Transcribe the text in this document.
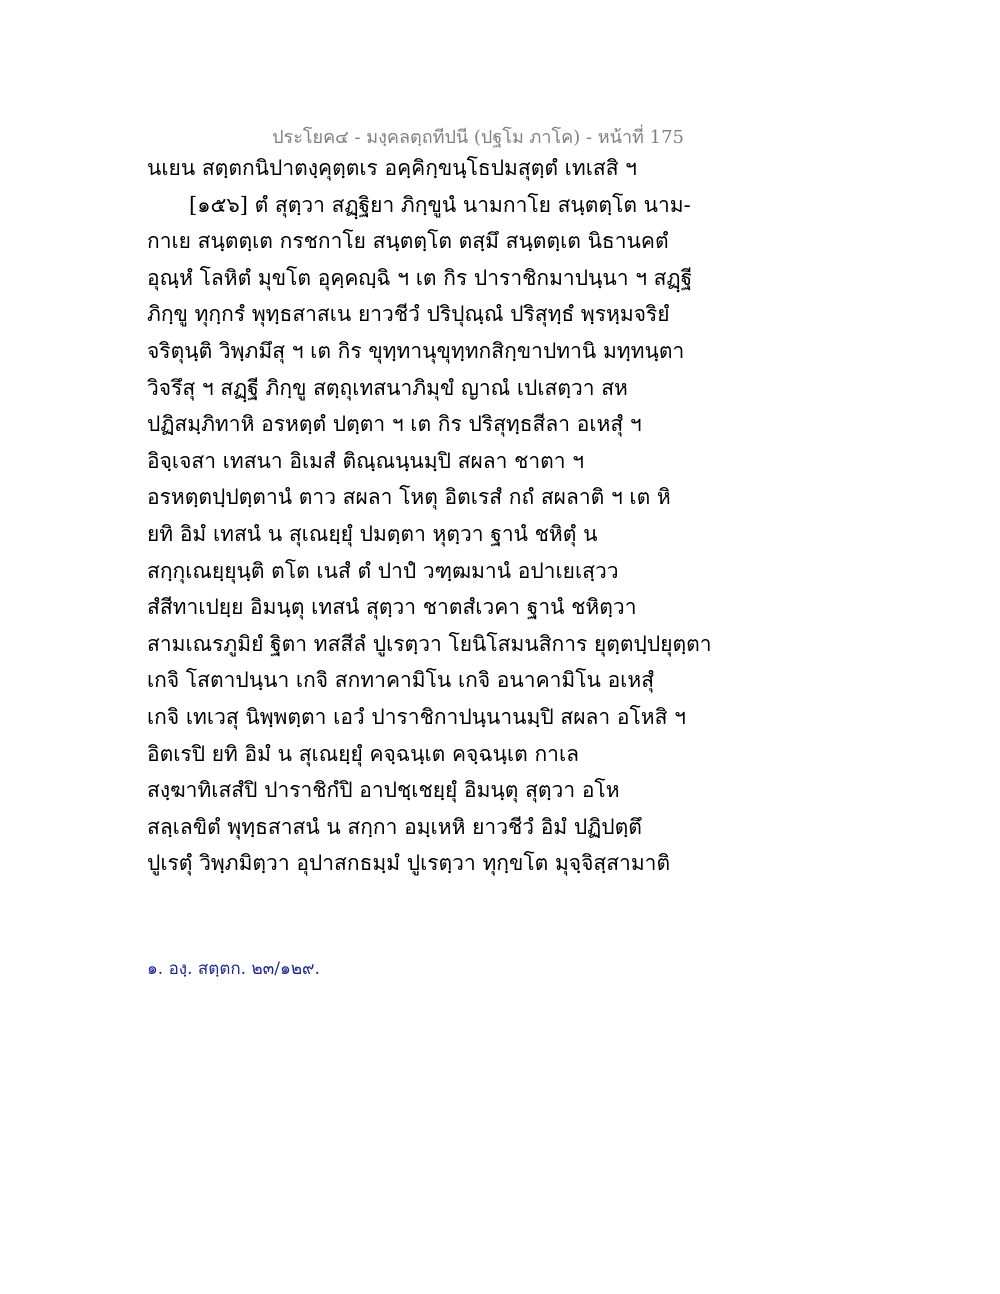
ประโยค๔ - มงฺคลตฺถทีปนี (ปฐโม ภาโค) - หน้าที่ 175
นเยน สตฺตกนิปาตงฺคุตฺตเร อคฺคิกฺขนฺโธปมสุตฺตํ เทเสสิ ฯ
[๑๕๖] ตํ สุตฺวา สฏฺฐิยา ภิกฺขูนํ นามกาโย สนฺตตฺโต นาม-
กาเย สนฺตตฺเต กรชกาโย สนฺตตฺโต ตสฺมึ สนฺตตฺเต นิธานคตํ
อุณฺหํ โลหิตํ มุขโต อุคฺคญฺฉิ ฯ เต กิร ปาราชิกมาปนฺนา ฯ สฏฺฐี
ภิกฺขู ทุกฺกรํ พุทฺธสาสเน ยาวชีวํ ปริปุณฺณํ ปริสุทฺธํ พฺรหฺมจริยํ
จริตุนฺติ วิพฺภมึสุ ฯ เต กิร ขุทฺทานุขุทฺทกสิกฺขาปทานิ มทฺทนฺตา
วิจรึสุ ฯ สฏฺฐี ภิกฺขู สตฺถุเทสนาภิมุขํ ญาณํ เปเสตฺวา สห
ปฏิสมฺภิทาหิ อรหตฺตํ ปตฺตา ฯ เต กิร ปริสุทฺธสีลา อเหสุํ ฯ
อิจฺเจสา เทสนา อิเมสํ ติณฺณนฺนมฺปิ สผลา ชาตา ฯ
อรหตฺตปฺปตฺตานํ ตาว สผลา โหตุ อิตเรสํ กถํ สผลาติ ฯ เต หิ
ยทิ อิมํ เทสนํ น สุเณยฺยุํ ปมตฺตา หุตฺวา ฐานํ ชหิตุํ น
สกฺกุเณยฺยุนฺติ ตโต เนสํ ตํ ปาปํ วฑฺฒมานํ อปาเยเสฺวว
สํสีทาเปยฺย อิมนฺตุ เทสนํ สุตฺวา ชาตสํเวคา ฐานํ ชหิตฺวา
สามเณรภูมิยํ ฐิตา ทสสีลํ ปูเรตฺวา โยนิโสมนสิการ ยุตฺตปฺปยุตฺตา
เกจิ โสตาปนฺนา เกจิ สกทาคามิโน เกจิ อนาคามิโน อเหสุํ
เกจิ เทเวสุ นิพฺพตฺตา เอวํ ปาราชิกาปนฺนานมฺปิ สผลา อโหสิ ฯ
อิตเรปิ ยทิ อิมํ น สุเณยฺยุํ คจฺฉนฺเต คจฺฉนฺเต กาเล
สงฺฆาทิเสสํปิ ปาราชิกํปิ อาปชฺเชยฺยุํ อิมนฺตุ สุตฺวา อโห
สลฺเลขิตํ พุทฺธสาสนํ น สกฺกา อมฺเหหิ ยาวชีวํ อิมํ ปฏิปตฺตึ
ปูเรตุํ วิพฺภมิตฺวา อุปาสกธมฺมํ ปูเรตฺวา ทุกฺขโต มุจฺจิสฺสามาติ
๑. องฺ. สตฺตก. ๒๓/๑๒๙.
